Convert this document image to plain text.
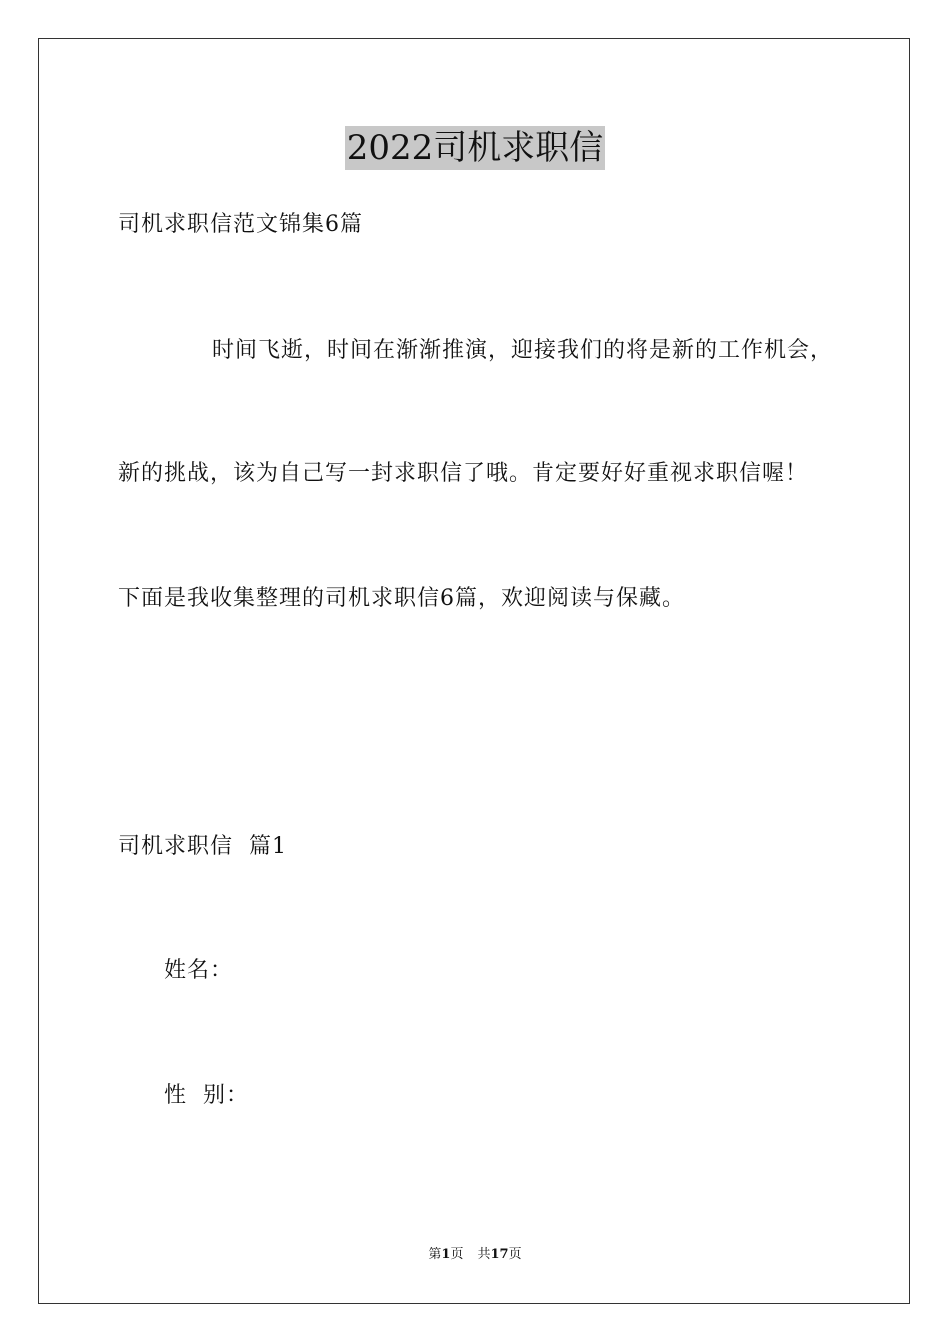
2022司机求职信
司机求职信范文锦集6篇
时间飞逝，时间在渐渐推演，迎接我们的将是新的工作机会，
新的挑战，该为自己写一封求职信了哦。肯定要好好重视求职信喔！
下面是我收集整理的司机求职信6篇，欢迎阅读与保藏。
司机求职信  篇1
姓名：
性  别：
第1页 共17页
